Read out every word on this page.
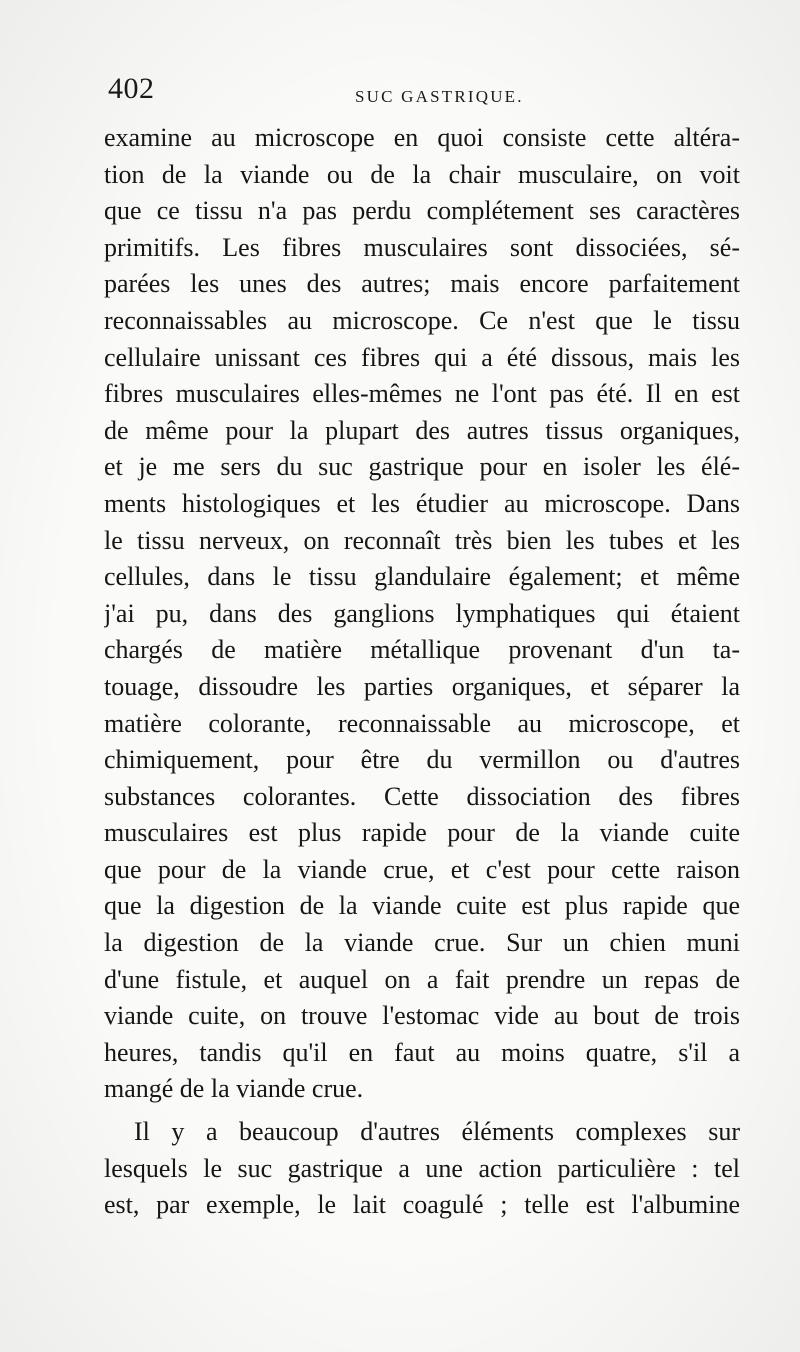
402	SUC GASTRIQUE.
examine au microscope en quoi consiste cette altéra-
tion de la viande ou de la chair musculaire, on voit
que ce tissu n'a pas perdu complétement ses caractères
primitifs. Les fibres musculaires sont dissociées, sé-
parées les unes des autres; mais encore parfaitement
reconnaissables au microscope. Ce n'est que le tissu
cellulaire unissant ces fibres qui a été dissous, mais les
fibres musculaires elles-mêmes ne l'ont pas été. Il en est
de même pour la plupart des autres tissus organiques,
et je me sers du suc gastrique pour en isoler les élé-
ments histologiques et les étudier au microscope. Dans
le tissu nerveux, on reconnaît très bien les tubes et les
cellules, dans le tissu glandulaire également; et même
j'ai pu, dans des ganglions lymphatiques qui étaient
chargés de matière métallique provenant d'un ta-
touage, dissoudre les parties organiques, et séparer la
matière colorante, reconnaissable au microscope, et
chimiquement, pour être du vermillon ou d'autres
substances colorantes. Cette dissociation des fibres
musculaires est plus rapide pour de la viande cuite
que pour de la viande crue, et c'est pour cette raison
que la digestion de la viande cuite est plus rapide que
la digestion de la viande crue. Sur un chien muni
d'une fistule, et auquel on a fait prendre un repas de
viande cuite, on trouve l'estomac vide au bout de trois
heures, tandis qu'il en faut au moins quatre, s'il a
mangé de la viande crue.
Il y a beaucoup d'autres éléments complexes sur
lesquels le suc gastrique a une action particulière : tel
est, par exemple, le lait coagulé ; telle est l'albumine
